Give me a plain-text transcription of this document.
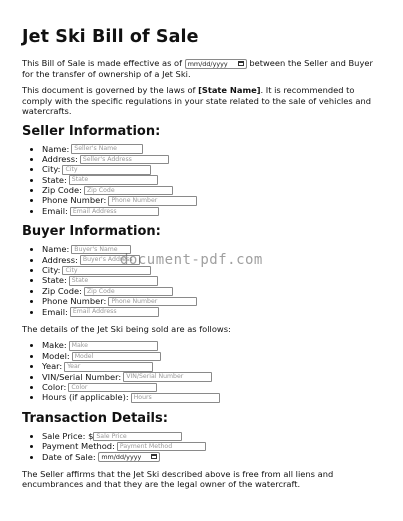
Jet Ski Bill of Sale

This Bill of Sale is made effective as of mm/dd/yyyy	between the Seller and Buyer for the transfer of ownership of a Jet Ski.

This document is governed by the laws of [State Name]. It is recommended to comply with the specific regulations in your state related to the sale of vehicles and watercrafts.

Seller Information:
• Name: Seller's Name
• Address: Seller's Address
• City: City
• State: State
• Zip Code: Zip Code
• Phone Number: Phone Number
• Email: Email Address
Buyer Information:
• Name: Buyer's Name
• Address: Buyer's Address
• City: City
• State: State
• Zip Code: Zip Code
• Phone Number: Phone Number
• Email: Email Address

The details of the Jet Ski being sold are as follows:

• Make: Make
• Model: Model
• Year: Year
• VIN/Serial Number: VIN/Serial Number
• Color: Color
• Hours (if applicable): Hours
Transaction Details:
• Sale Price: $ Sale Price
• Payment Method: Payment Method
• Date of Sale: mm/dd/yyyy

The Seller affirms that the Jet Ski described above is free from all liens and encumbrances and that they are the legal owner of the watercraft.

document-pdf.com
